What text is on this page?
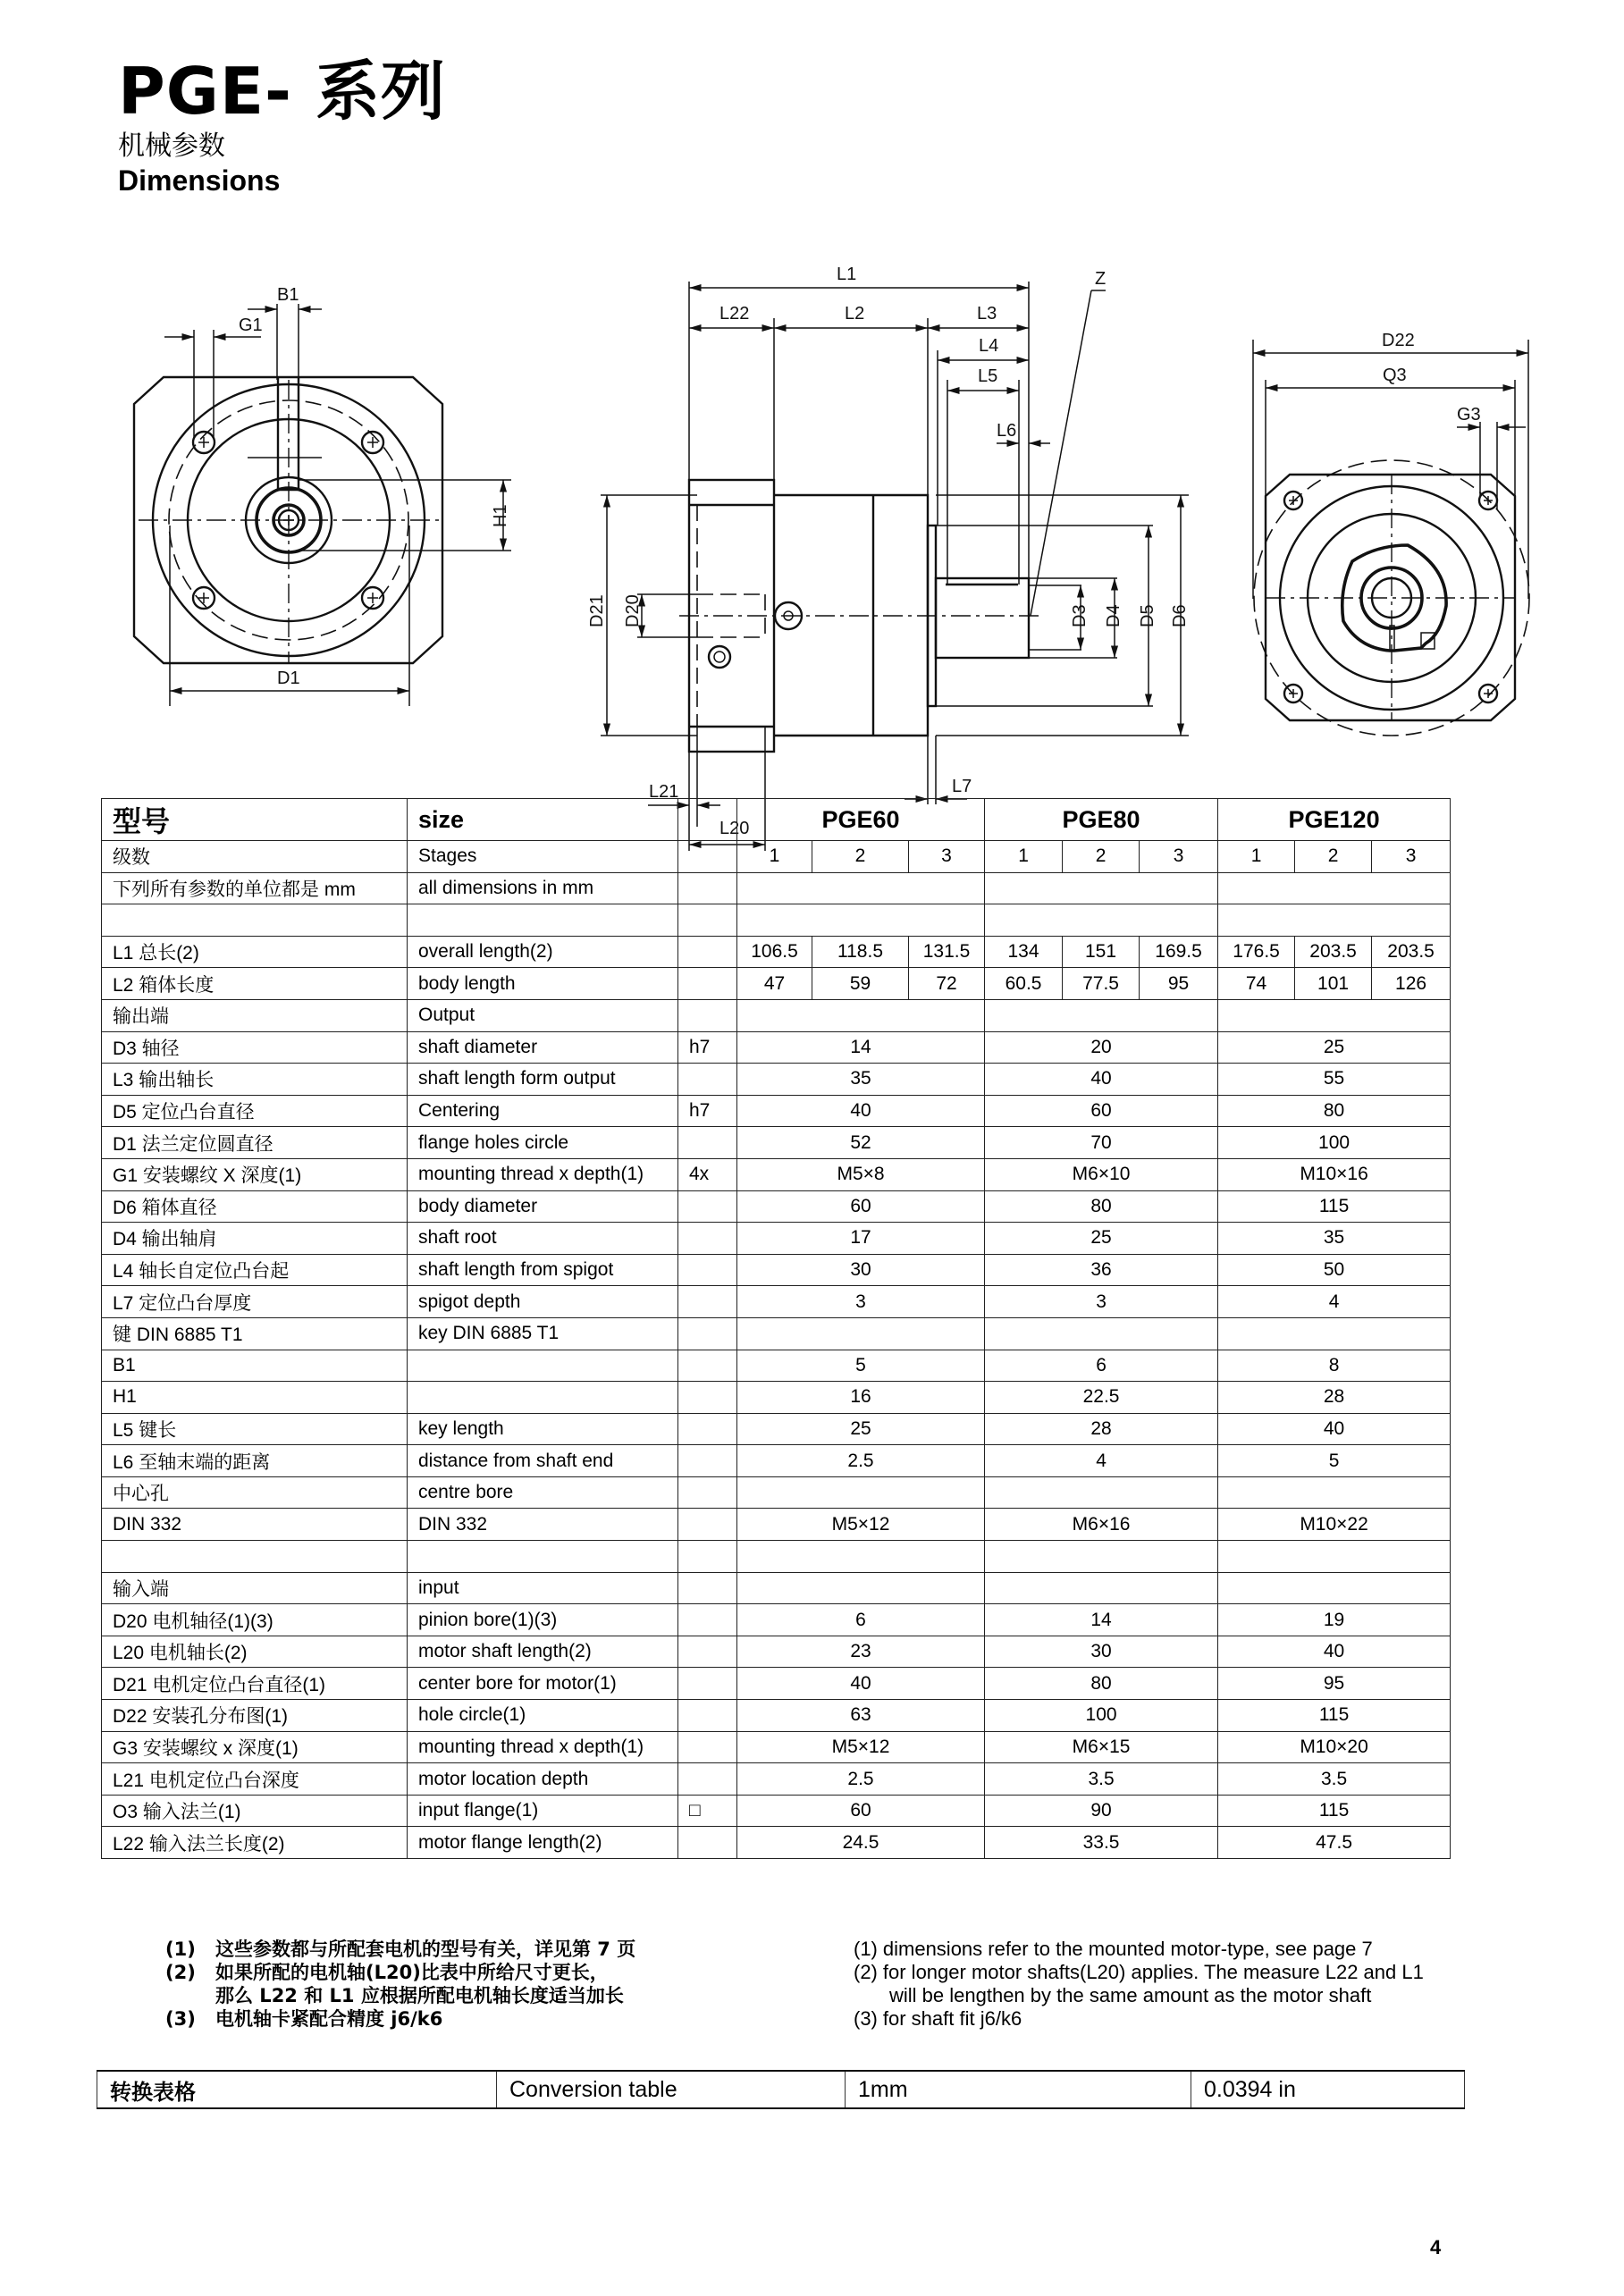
PGE- 系列
机械参数
Dimensions
B1
G1
H1
D1
L1
L22	L2	L3
L4
L5
L6
Z
D3 D4 D5 D6
D21 D20
L21
L20
L7
D22
Q3
G3
型号	size		PGE60			PGE80			PGE120		
级数	Stages		1	2	3	1	2	3	1	2	3
下列所有参数的单位都是 mm	all dimensions in mm										

L1 总长(2)	overall length(2)		106.5	118.5	131.5	134	151	169.5	176.5	203.5	203.5
L2 箱体长度	body length		47	59	72	60.5	77.5	95	74	101	126
输出端	Output										
D3 轴径	shaft diameter	h7	14			20			25		
L3 输出轴长	shaft length form output		35			40			55		
D5 定位凸台直径	Centering	h7	40			60			80		
D1 法兰定位圆直径	flange holes circle		52			70			100		
G1 安装螺纹 X 深度(1)	mounting thread x depth(1)	4x	M5×8			M6×10			M10×16		
D6 箱体直径	body diameter		60			80			115		
D4 输出轴肩	shaft root		17			25			35		
L4 轴长自定位凸台起	shaft length from spigot		30			36			50		
L7 定位凸台厚度	spigot depth		3			3			4		
键 DIN 6885 T1	key DIN 6885 T1										
B1			5			6			8		
H1			16			22.5			28		
L5 键长	key length		25			28			40		
L6 至轴末端的距离	distance from shaft end		2.5			4			5		
中心孔	centre bore										
DIN 332	DIN 332		M5×12			M6×16			M10×22		

输入端	input										
D20 电机轴径(1)(3)	pinion bore(1)(3)		6			14			19		
L20 电机轴长(2)	motor shaft length(2)		23			30			40		
D21 电机定位凸台直径(1)	center bore for motor(1)		40			80			95		
D22 安装孔分布图(1)	hole circle(1)		63			100			115		
G3 安装螺纹 x 深度(1)	mounting thread x depth(1)		M5×12			M6×15			M10×20		
L21 电机定位凸台深度	motor location depth		2.5			3.5			3.5		
O3 输入法兰(1)	input flange(1)	□	60			90			115		
L22 输入法兰长度(2)	motor flange length(2)		24.5			33.5			47.5		
(1)	这些参数都与所配套电机的型号有关，详见第 7 页
(2)	如果所配的电机轴(L20)比表中所给尺寸更长，
那么 L22 和 L1 应根据所配电机轴长度适当加长
(3)	电机轴卡紧配合精度 j6/k6
(1) dimensions refer to the mounted motor-type, see page 7
(2) for longer motor shafts(L20) applies. The measure L22 and L1
will be lengthen by the same amount as the motor shaft
(3) for shaft fit j6/k6
转换表格	Conversion table	1mm	0.0394 in
4
